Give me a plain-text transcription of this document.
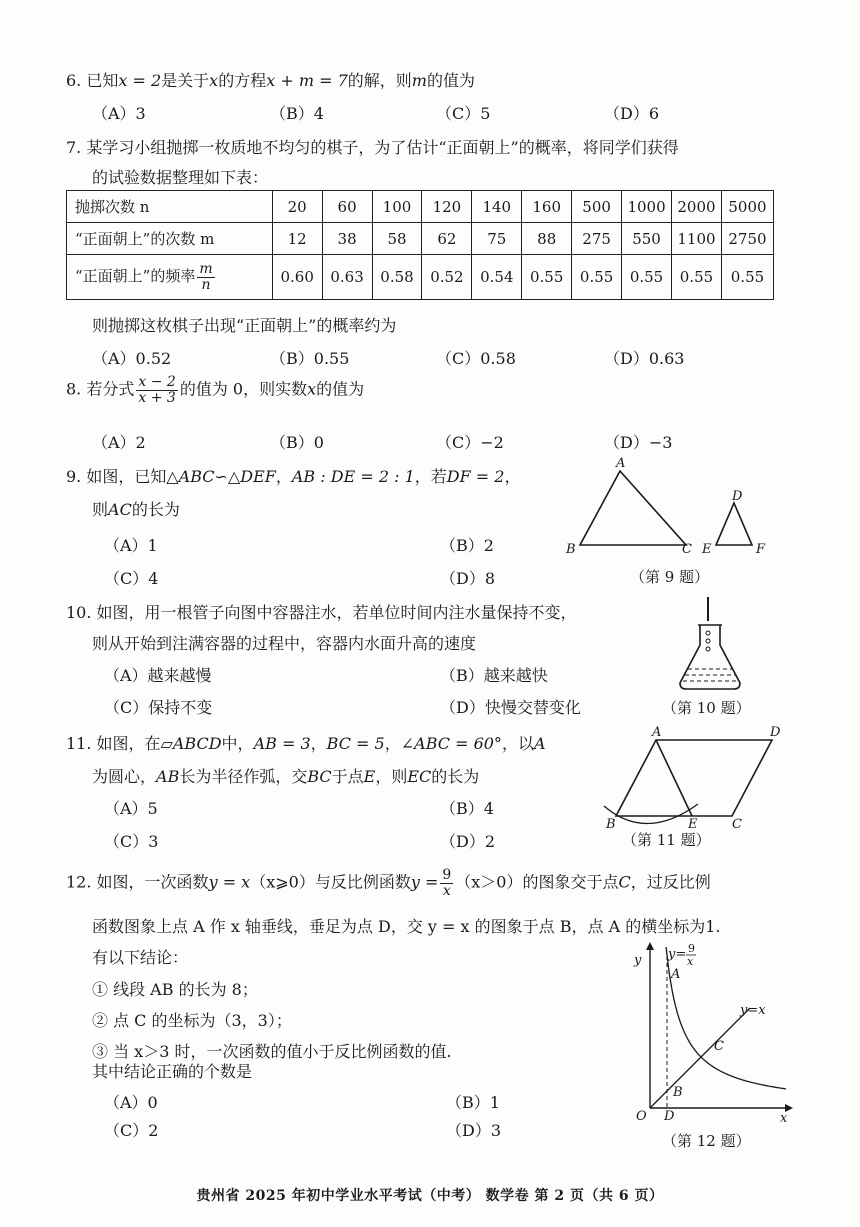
6. 已知x = 2是关于x的方程x + m = 7的解，则m的值为
（A）3	（B）4	（C）5	（D）6
7. 某学习小组抛掷一枚质地不均匀的棋子，为了估计“正面朝上”的概率，将同学们获得
的试验数据整理如下表：
抛掷次数 n	20	60	100	120	140	160	500	1000	2000	5000
“正面朝上”的次数 m	12	38	58	62	75	88	275	550	1100	2750
“正面朝上”的频率 $\frac{m}{n}$	0.60	0.63	0.58	0.52	0.54	0.55	0.55	0.55	0.55	0.55
则抛掷这枚棋子出现“正面朝上”的概率约为
（A）0.52	（B）0.55	（C）0.58	（D）0.63
8. 若分式 $\frac{x - 2}{x + 3}$ 的值为 0，则实数x的值为
（A）2	（B）0	（C）−2	（D）−3
9. 如图，已知△ABC∽△DEF，AB : DE = 2 : 1，若DF = 2，
则AC的长为
（A）1	（B）2
（C）4	（D）8
A
B	C
D
E	F
（第 9 题）
10. 如图，用一根管子向图中容器注水，若单位时间内注水量保持不变，
则从开始到注满容器的过程中，容器内水面升高的速度
（A）越来越慢	（B）越来越快
（C）保持不变	（D）快慢交替变化	（第 10 题）
11. 如图，在▱ABCD中，AB = 3，BC = 5，∠ABC = 60°，以A
为圆心，AB长为半径作弧，交BC于点E，则EC的长为
（A）5	（B）4
（C）3	（D）2
A	D
B	E	C
（第 11 题）
12. 如图，一次函数y = x（x⩾0）与反比例函数$y = \frac{9}{x} (x>0)$的图象交于点C，过反比例
函数图象上点 A 作 x 轴垂线，垂足为点 D，交 y = x 的图象于点 B，点 A 的横坐标为1.
有以下结论：
① 线段 AB 的长为 8；
② 点 C 的坐标为（3，3）；
③ 当 x＞3 时，一次函数的值小于反比例函数的值.
其中结论正确的个数是
（A）0	（B）1
（C）2	（D）3
y
x
O D
A
B
C
y=x
y= 9
x
（第 12 题）
贵州省 2025 年初中学业水平考试（中考） 数学卷 第 2 页（共 6 页）
